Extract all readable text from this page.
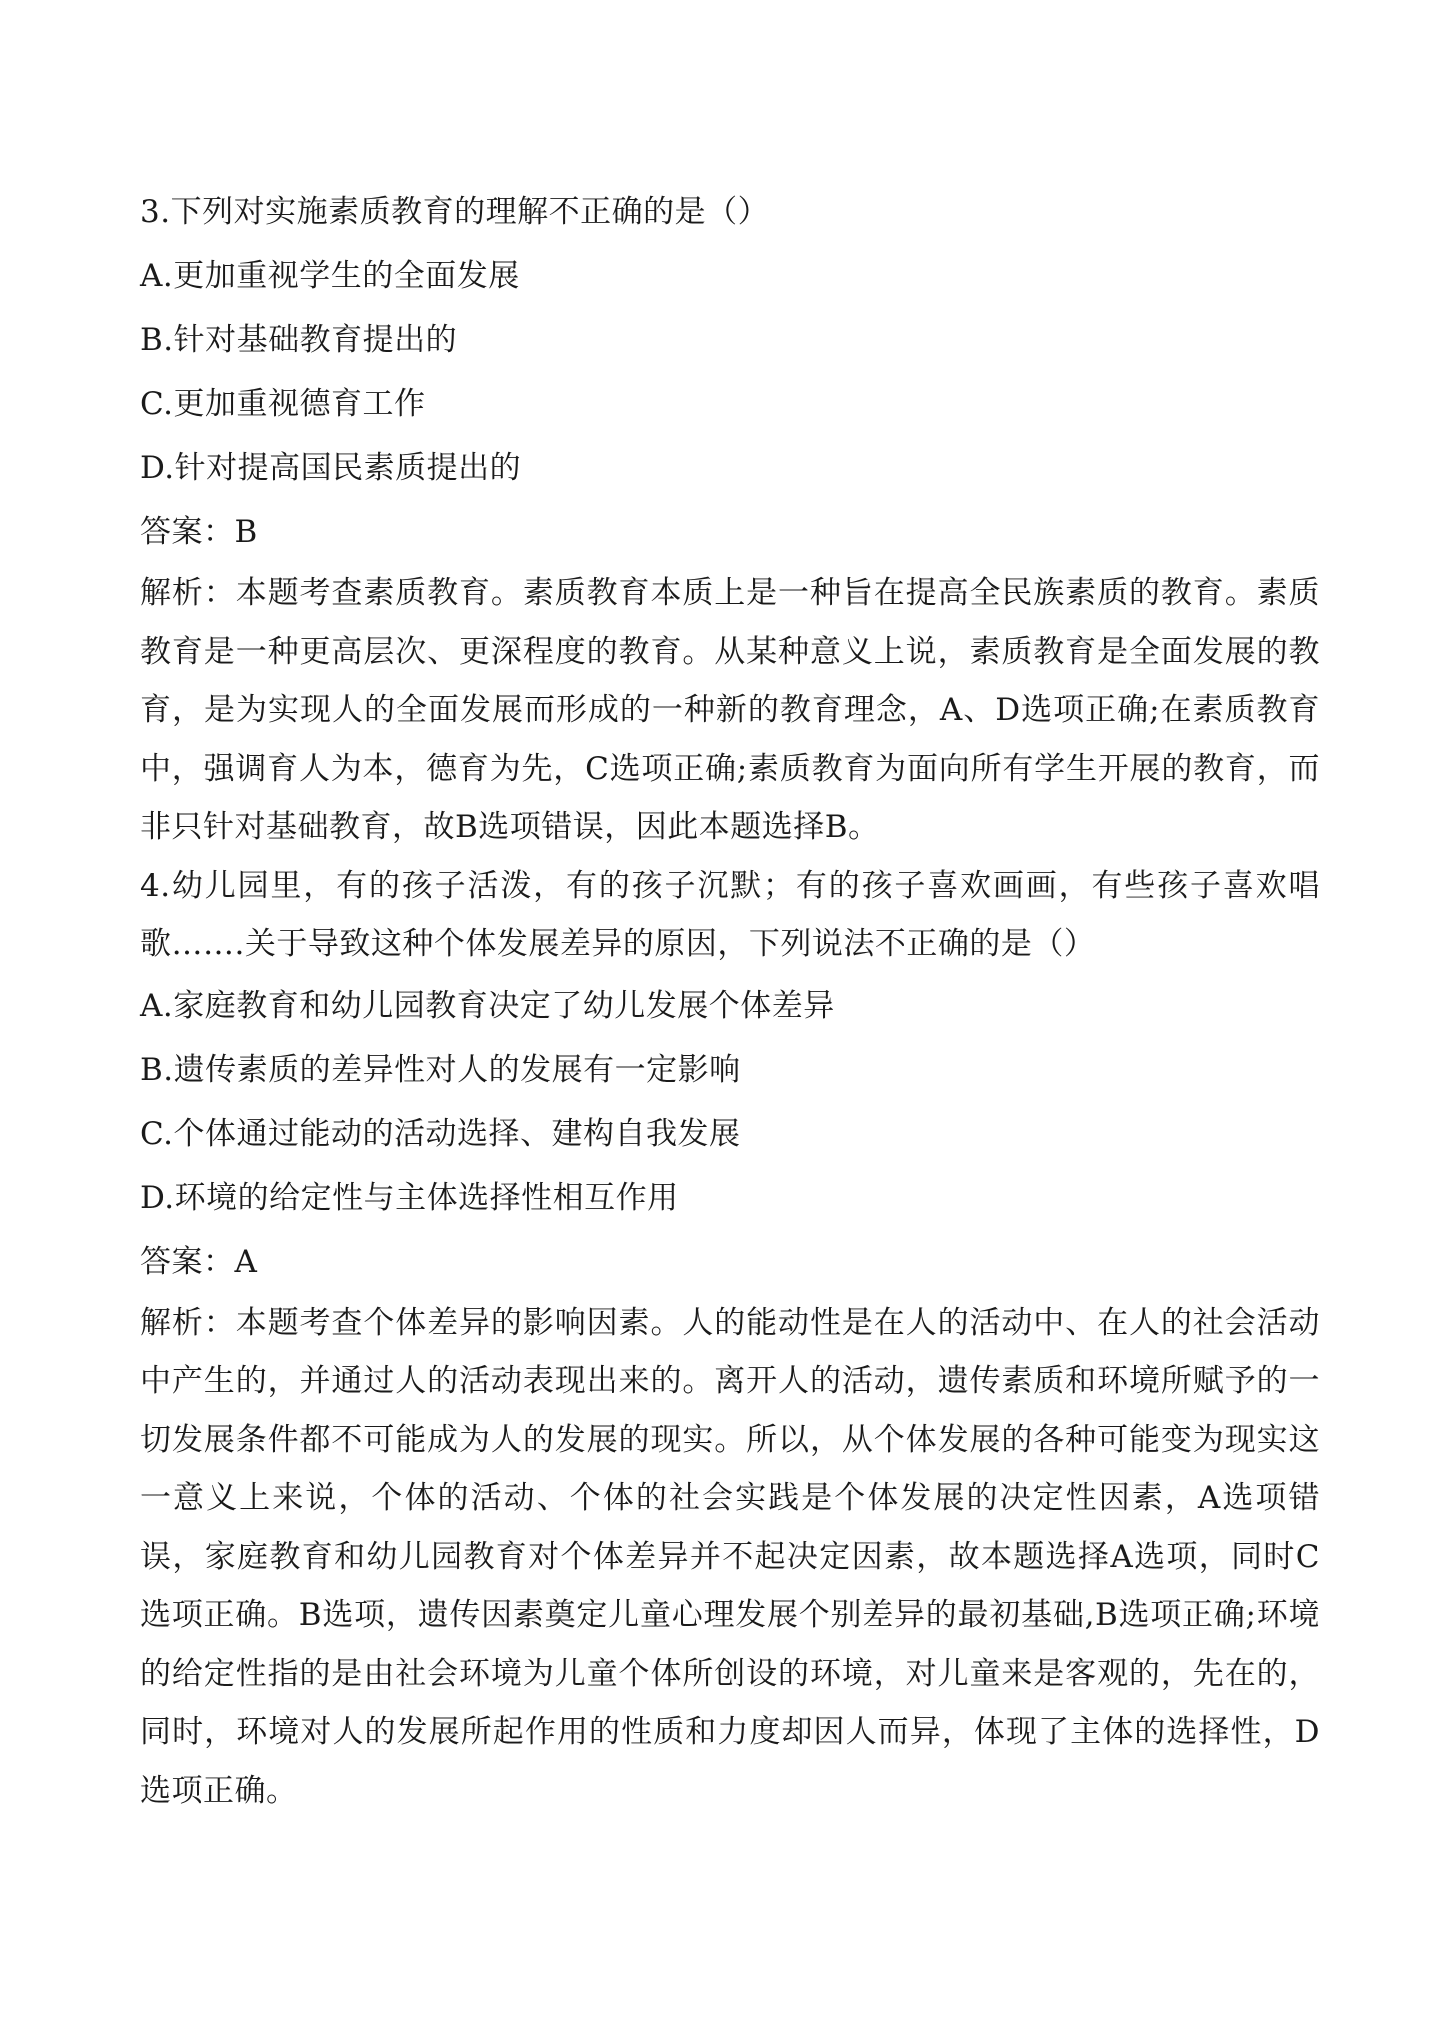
3.下列对实施素质教育的理解不正确的是（）
A.更加重视学生的全面发展
B.针对基础教育提出的
C.更加重视德育工作
D.针对提高国民素质提出的
答案：B
解析：本题考查素质教育。素质教育本质上是一种旨在提高全民族素质的教育。素质教育是一种更高层次、更深程度的教育。从某种意义上说，素质教育是全面发展的教育，是为实现人的全面发展而形成的一种新的教育理念，A、D选项正确;在素质教育中，强调育人为本，德育为先，C选项正确;素质教育为面向所有学生开展的教育，而非只针对基础教育，故B选项错误，因此本题选择B。
4.幼儿园里，有的孩子活泼，有的孩子沉默；有的孩子喜欢画画，有些孩子喜欢唱歌…….关于导致这种个体发展差异的原因，下列说法不正确的是（）
A.家庭教育和幼儿园教育决定了幼儿发展个体差异
B.遗传素质的差异性对人的发展有一定影响
C.个体通过能动的活动选择、建构自我发展
D.环境的给定性与主体选择性相互作用
答案：A
解析：本题考查个体差异的影响因素。人的能动性是在人的活动中、在人的社会活动中产生的，并通过人的活动表现出来的。离开人的活动，遗传素质和环境所赋予的一切发展条件都不可能成为人的发展的现实。所以，从个体发展的各种可能变为现实这一意义上来说，个体的活动、个体的社会实践是个体发展的决定性因素，A选项错误，家庭教育和幼儿园教育对个体差异并不起决定因素，故本题选择A选项，同时C选项正确。B选项，遗传因素奠定儿童心理发展个别差异的最初基础,B选项正确;环境的给定性指的是由社会环境为儿童个体所创设的环境，对儿童来是客观的，先在的，同时，环境对人的发展所起作用的性质和力度却因人而异，体现了主体的选择性，D选项正确。
